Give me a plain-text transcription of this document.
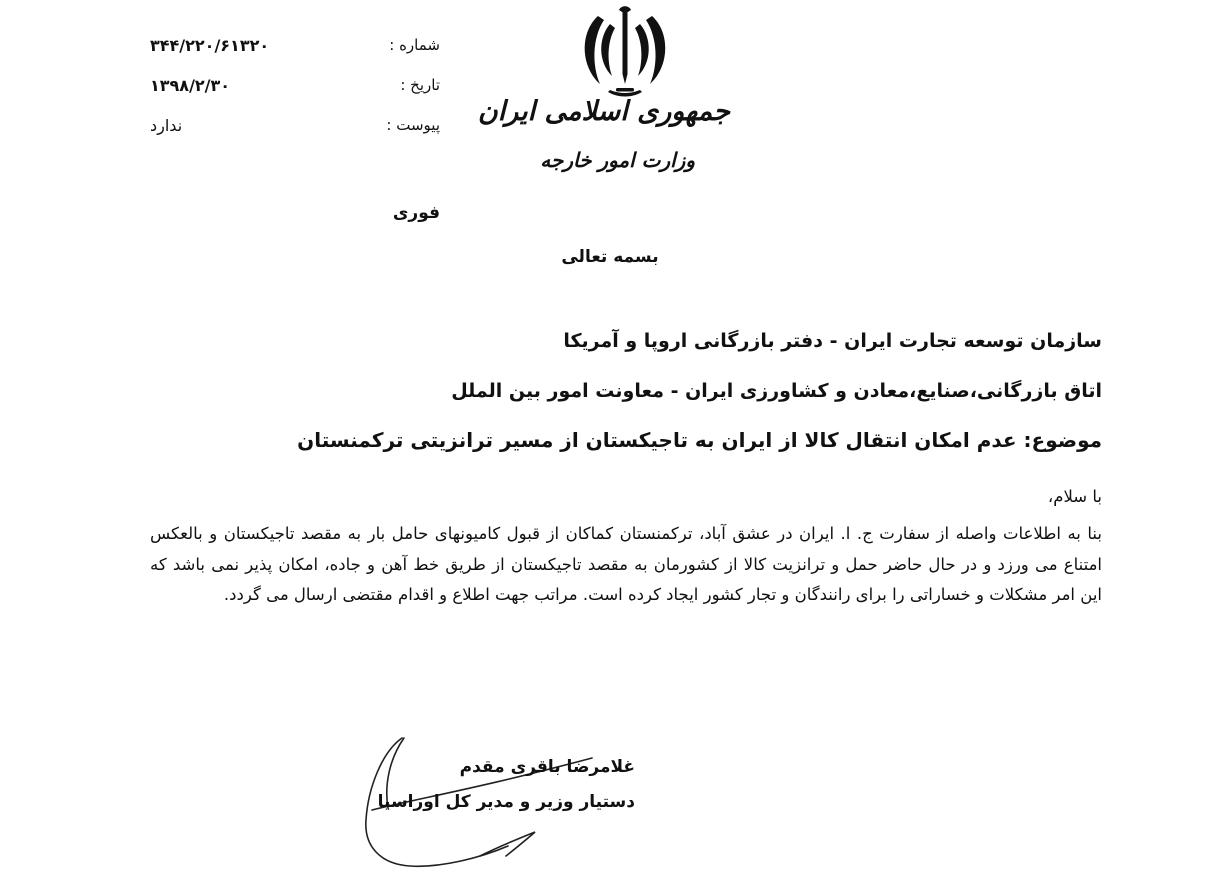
جمهوری اسلامی ایران
وزارت امور خارجه
شماره :
۳۴۴/۲۲۰/۶۱۳۲۰
تاریخ :
۱۳۹۸/۲/۳۰
پیوست :
ندارد
فوری
بسمه تعالی
سازمان توسعه تجارت ایران - دفتر بازرگانی اروپا و آمریکا
اتاق بازرگانی،صنایع،معادن و کشاورزی ایران - معاونت امور بین الملل
موضوع: عدم امکان انتقال کالا از ایران به تاجیکستان از مسیر ترانزیتی ترکمنستان
با سلام،
بنا به اطلاعات واصله از سفارت ج. ا. ایران در عشق آباد، ترکمنستان کماکان از قبول کامیونهای حامل بار به مقصد تاجیکستان و بالعکس امتناع می ورزد و در حال حاضر حمل و ترانزیت کالا از کشورمان به مقصد تاجیکستان از طریق خط آهن و جاده، امکان پذیر نمی باشد که این امر مشکلات و خساراتی را برای رانندگان و تجار کشور ایجاد کرده است. مراتب جهت اطلاع و اقدام مقتضی ارسال می گردد.
غلامرضا باقری مقدم
دستیار وزیر و مدیر کل اوراسیا
